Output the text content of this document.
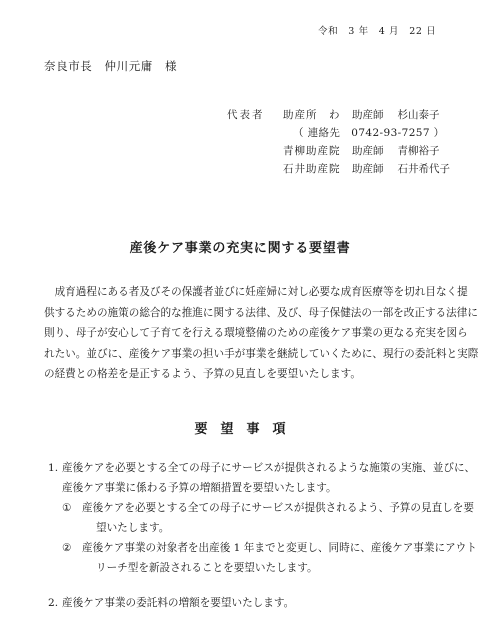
令和　3 年　4 月　22 日
奈良市長　仲川元庸　様
代表者 助産所　わ 助産師 杉山泰子
（ 連絡先　0742-93-7257 ）
青柳助産院 助産師 青柳裕子
石井助産院 助産師 石井希代子
産後ケア事業の充実に関する要望書

　成育過程にある者及びその保護者並びに妊産婦に対し必要な成育医療等を切れ目なく提

供するための施策の総合的な推進に関する法律、及び、母子保健法の一部を改正する法律に

則り、母子が安心して子育てを行える環境整備のための産後ケア事業の更なる充実を図ら

れたい。並びに、産後ケア事業の担い手が事業を継続していくために、現行の委託料と実際

の経費との格差を是正するよう、予算の見直しを要望いたします。

要望事項
1. 産後ケアを必要とする全ての母子にサービスが提供されるような施策の実施、並びに、
産後ケア事業に係わる予算の増額措置を要望いたします。
① 産後ケアを必要とする全ての母子にサービスが提供されるよう、予算の見直しを要
望いたします。
② 産後ケア事業の対象者を出産後 1 年までと変更し、同時に、産後ケア事業にアウト
リーチ型を新設されることを要望いたします。
2. 産後ケア事業の委託料の増額を要望いたします。
